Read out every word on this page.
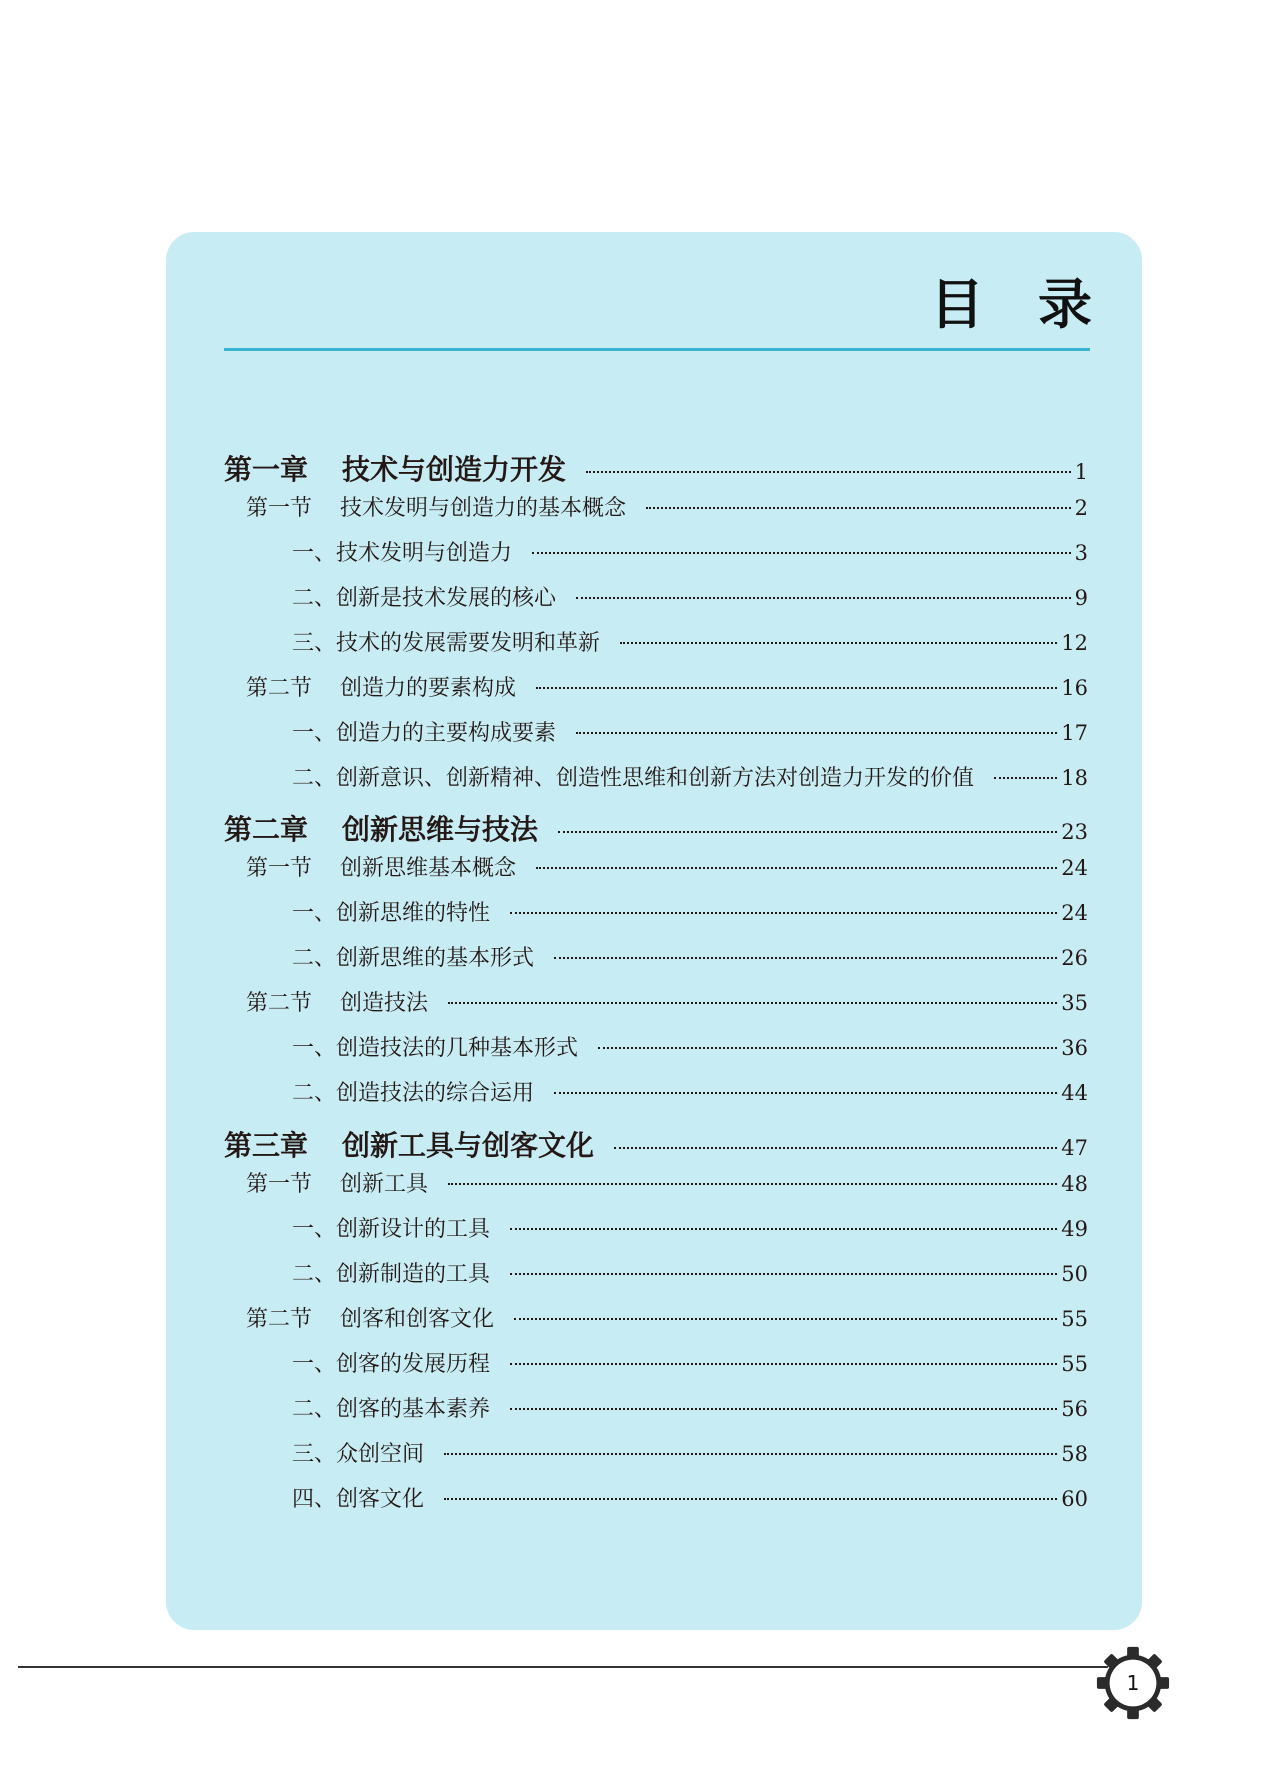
目 录
第一章	技术与创造力开发	1
第一节	技术发明与创造力的基本概念	2
一、技术发明与创造力	3
二、创新是技术发展的核心	9
三、技术的发展需要发明和革新	12
第二节	创造力的要素构成	16
一、创造力的主要构成要素	17
二、创新意识、创新精神、创造性思维和创新方法对创造力开发的价值	18
第二章	创新思维与技法	23
第一节	创新思维基本概念	24
一、创新思维的特性	24
二、创新思维的基本形式	26
第二节	创造技法	35
一、创造技法的几种基本形式	36
二、创造技法的综合运用	44
第三章	创新工具与创客文化	47
第一节	创新工具	48
一、创新设计的工具	49
二、创新制造的工具	50
第二节	创客和创客文化	55
一、创客的发展历程	55
二、创客的基本素养	56
三、众创空间	58
四、创客文化	60
1
